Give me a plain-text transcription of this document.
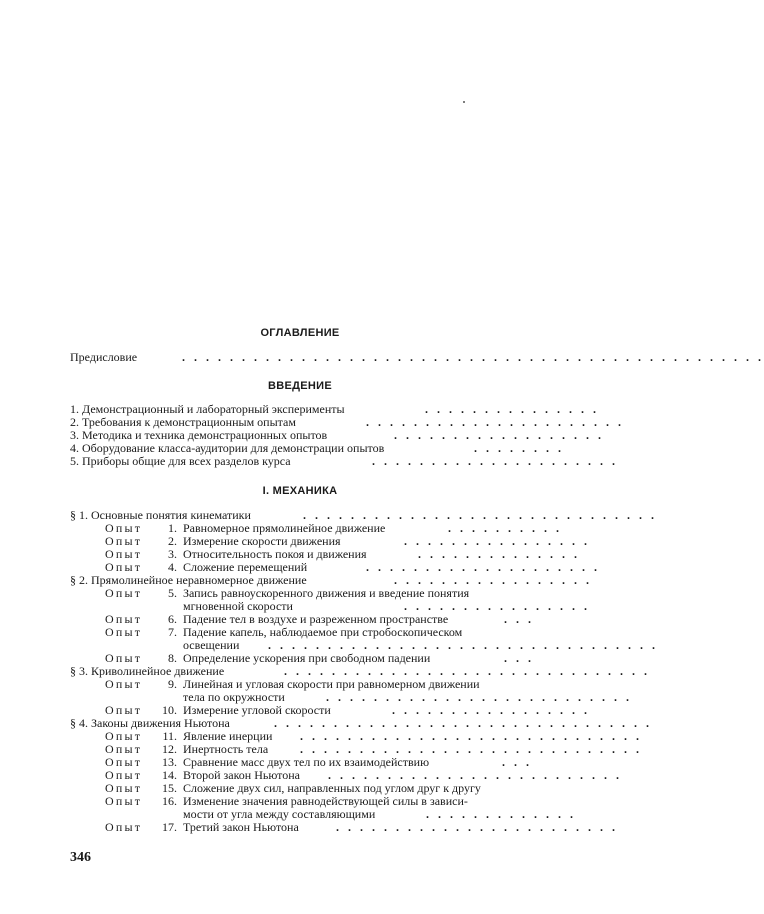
ОГЛАВЛЕНИЕ
Предисловие	. . . . . . . . . . . . . . . . . . . . . . . . . . . . . . . . . . . . . . . . . . . . . . . . .
ВВЕДЕНИЕ
1. Демонстрационный и лабораторный эксперименты	. . . . . . . . . . . . . . .
2. Требования к демонстрационным опытам	. . . . . . . . . . . . . . . . . . . . . .
3. Методика и техника демонстрационных опытов	. . . . . . . . . . . . . . . . . .
4. Оборудование класса-аудитории для демонстрации опытов	. . . . . . . .
5. Приборы общие для всех разделов курса	. . . . . . . . . . . . . . . . . . . . .
I. МЕХАНИКА
§ 1. Основные понятия кинематики	. . . . . . . . . . . . . . . . . . . . . . . . . . . . . .
Опыт 1. Равномерное прямолинейное движение	. . . . . . . . . .
Опыт 2. Измерение скорости движения	. . . . . . . . . . . . . . . .
Опыт 3. Относительность покоя и движения	. . . . . . . . . . . . . .
Опыт 4. Сложение перемещений	. . . . . . . . . . . . . . . . . . . .
§ 2. Прямолинейное неравномерное движение	. . . . . . . . . . . . . . . . .
Опыт 5. Запись равноускоренного движения и введение понятия
мгновенной скорости	. . . . . . . . . . . . . . . .
Опыт 6. Падение тел в воздухе и разреженном пространстве	. . .
Опыт 7. Падение капель, наблюдаемое при стробоскопическом
освещении	. . . . . . . . . . . . . . . . . . . . . . . . . . . . . . . . .
Опыт 8. Определение ускорения при свободном падении	. . .
§ 3. Криволинейное движение	. . . . . . . . . . . . . . . . . . . . . . . . . . . . . . .
Опыт 9. Линейная и угловая скорости при равномерном движении
тела по окружности	. . . . . . . . . . . . . . . . . . . . . . . . . .
Опыт 10. Измерение угловой скорости	. . . . . . . . . . . . . . . . .
§ 4. Законы движения Ньютона	. . . . . . . . . . . . . . . . . . . . . . . . . . . . . . . .
Опыт 11. Явление инерции	. . . . . . . . . . . . . . . . . . . . . . . . . . . . .
Опыт 12. Инертность тела	. . . . . . . . . . . . . . . . . . . . . . . . . . . . .
Опыт 13. Сравнение масс двух тел по их взаимодействию	. . .
Опыт 14. Второй закон Ньютона	. . . . . . . . . . . . . . . . . . . . . . . . .
Опыт 15. Сложение двух сил, направленных под углом друг к другу
Опыт 16. Изменение значения равнодействующей силы в зависи-
мости от угла между составляющими	. . . . . . . . . . . . .
Опыт 17. Третий закон Ньютона	. . . . . . . . . . . . . . . . . . . . . . . .
346
